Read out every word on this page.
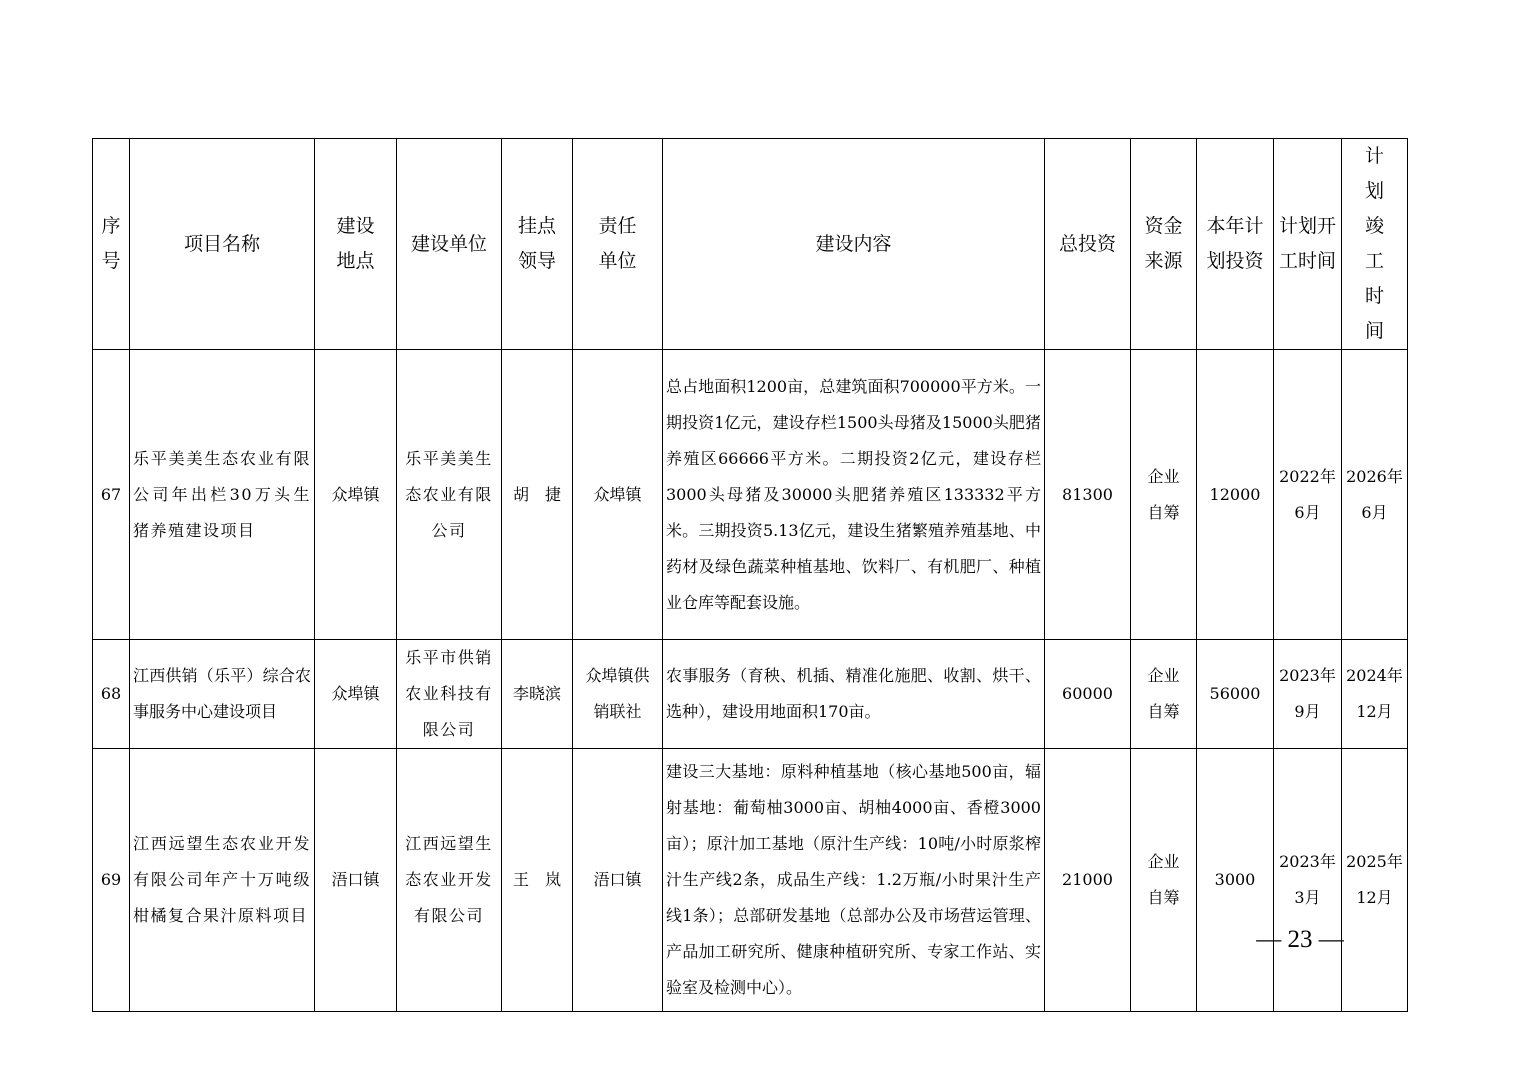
序号	项目名称	建设地点	建设单位	挂点领导	责任单位	建设内容	总投资	资金来源	本年计划投资	计划开工时间	计划竣工时间
67	乐平美美生态农业有限公司年出栏30万头生猪养殖建设项目	众埠镇	乐平美美生态农业有限公司	胡　捷	众埠镇	总占地面积1200亩，总建筑面积700000平方米。一期投资1亿元，建设存栏1500头母猪及15000头肥猪养殖区66666平方米。二期投资2亿元，建设存栏3000头母猪及30000头肥猪养殖区133332平方米。三期投资5.13亿元，建设生猪繁殖养殖基地、中药材及绿色蔬菜种植基地、饮料厂、有机肥厂、种植业仓库等配套设施。	81300	企业自筹	12000	2022年6月	2026年6月
68	江西供销（乐平）综合农事服务中心建设项目	众埠镇	乐平市供销农业科技有限公司	李晓滨	众埠镇供销联社	农事服务（育秧、机插、精准化施肥、收割、烘干、选种），建设用地面积170亩。	60000	企业自筹	56000	2023年9月	2024年12月
69	江西远望生态农业开发有限公司年产十万吨级柑橘复合果汁原料项目	浯口镇	江西远望生态农业开发有限公司	王　岚	浯口镇	建设三大基地：原料种植基地（核心基地500亩，辐射基地：葡萄柚3000亩、胡柚4000亩、香橙3000亩）；原汁加工基地（原汁生产线：10吨/小时原浆榨汁生产线2条，成品生产线：1.2万瓶/小时果汁生产线1条）；总部研发基地（总部办公及市场营运管理、产品加工研究所、健康种植研究所、专家工作站、实验室及检测中心）。	21000	企业自筹	3000	2023年3月	2025年12月
— 23 —
